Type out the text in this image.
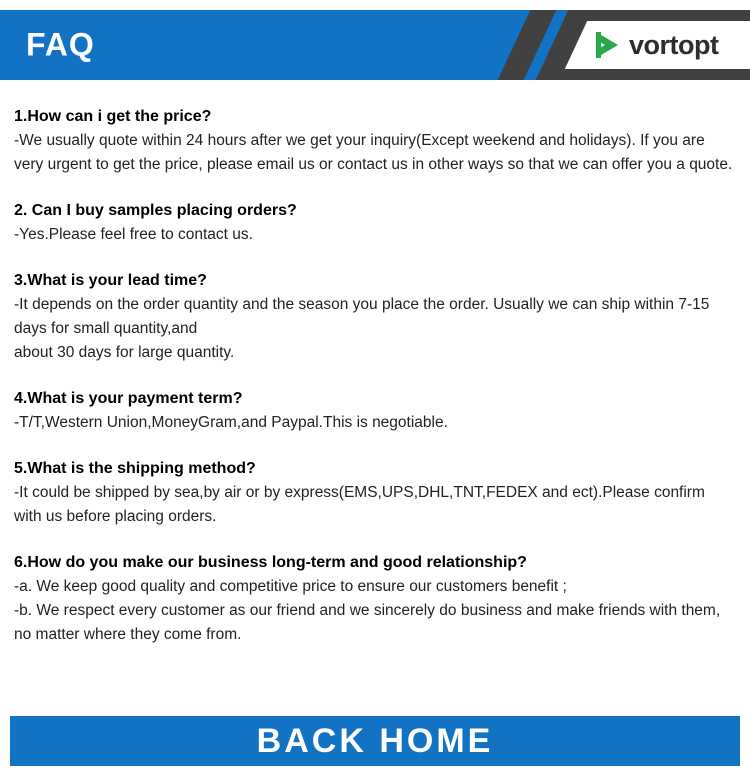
FAQ	vortopt
1.How can i get the price?

-We usually quote within 24 hours after we get your inquiry(Except weekend and holidays). If you are very urgent to get the price, please email us or contact us in other ways so that we can offer you a quote.

2. Can I buy samples placing orders?

-Yes.Please feel free to contact us.

3.What is your lead time?

-It depends on the order quantity and the season you place the order. Usually we can ship within 7-15 days for small quantity,and

about 30 days for large quantity.

4.What is your payment term?

-T/T,Western Union,MoneyGram,and Paypal.This is negotiable.

5.What is the shipping method?

-It could be shipped by sea,by air or by express(EMS,UPS,DHL,TNT,FEDEX and ect).Please confirm with us before placing orders.

6.How do you make our business long-term and good relationship?

-a. We keep good quality and competitive price to ensure our customers benefit ;

-b. We respect every customer as our friend and we sincerely do business and make friends with them, no matter where they come from.

BACK HOME
